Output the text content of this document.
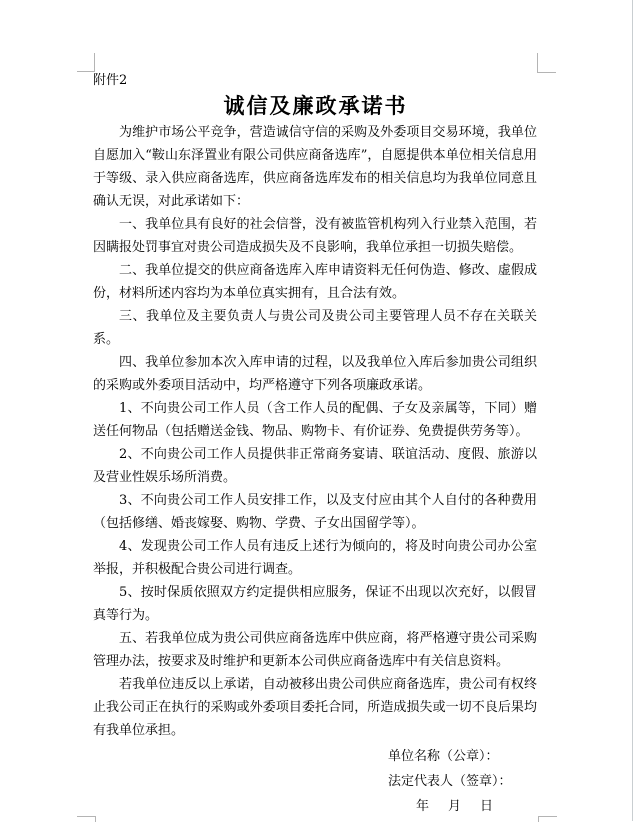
附件2
诚信及廉政承诺书

为维护市场公平竞争，营造诚信守信的采购及外委项目交易环境，我单位自愿加入“鞍山东泽置业有限公司供应商备选库”，自愿提供本单位相关信息用于等级、录入供应商备选库，供应商备选库发布的相关信息均为我单位同意且确认无误，对此承诺如下：

一、我单位具有良好的社会信誉，没有被监管机构列入行业禁入范围，若因瞒报处罚事宜对贵公司造成损失及不良影响，我单位承担一切损失赔偿。

二、我单位提交的供应商备选库入库申请资料无任何伪造、修改、虚假成份，材料所述内容均为本单位真实拥有，且合法有效。

三、我单位及主要负责人与贵公司及贵公司主要管理人员不存在关联关系。

四、我单位参加本次入库申请的过程，以及我单位入库后参加贵公司组织的采购或外委项目活动中，均严格遵守下列各项廉政承诺。

1、不向贵公司工作人员（含工作人员的配偶、子女及亲属等，下同）赠送任何物品（包括赠送金钱、物品、购物卡、有价证券、免费提供劳务等）。

2、不向贵公司工作人员提供非正常商务宴请、联谊活动、度假、旅游以及营业性娱乐场所消费。

3、不向贵公司工作人员安排工作，以及支付应由其个人自付的各种费用（包括修缮、婚丧嫁娶、购物、学费、子女出国留学等）。

4、发现贵公司工作人员有违反上述行为倾向的，将及时向贵公司办公室举报，并积极配合贵公司进行调查。

5、按时保质依照双方约定提供相应服务，保证不出现以次充好，以假冒真等行为。

五、若我单位成为贵公司供应商备选库中供应商，将严格遵守贵公司采购管理办法，按要求及时维护和更新本公司供应商备选库中有关信息资料。

若我单位违反以上承诺，自动被移出贵公司供应商备选库，贵公司有权终止我公司正在执行的采购或外委项目委托合同，所造成损失或一切不良后果均有我单位承担。

单位名称（公章）：

法定代表人（签章）：

年　月　日
